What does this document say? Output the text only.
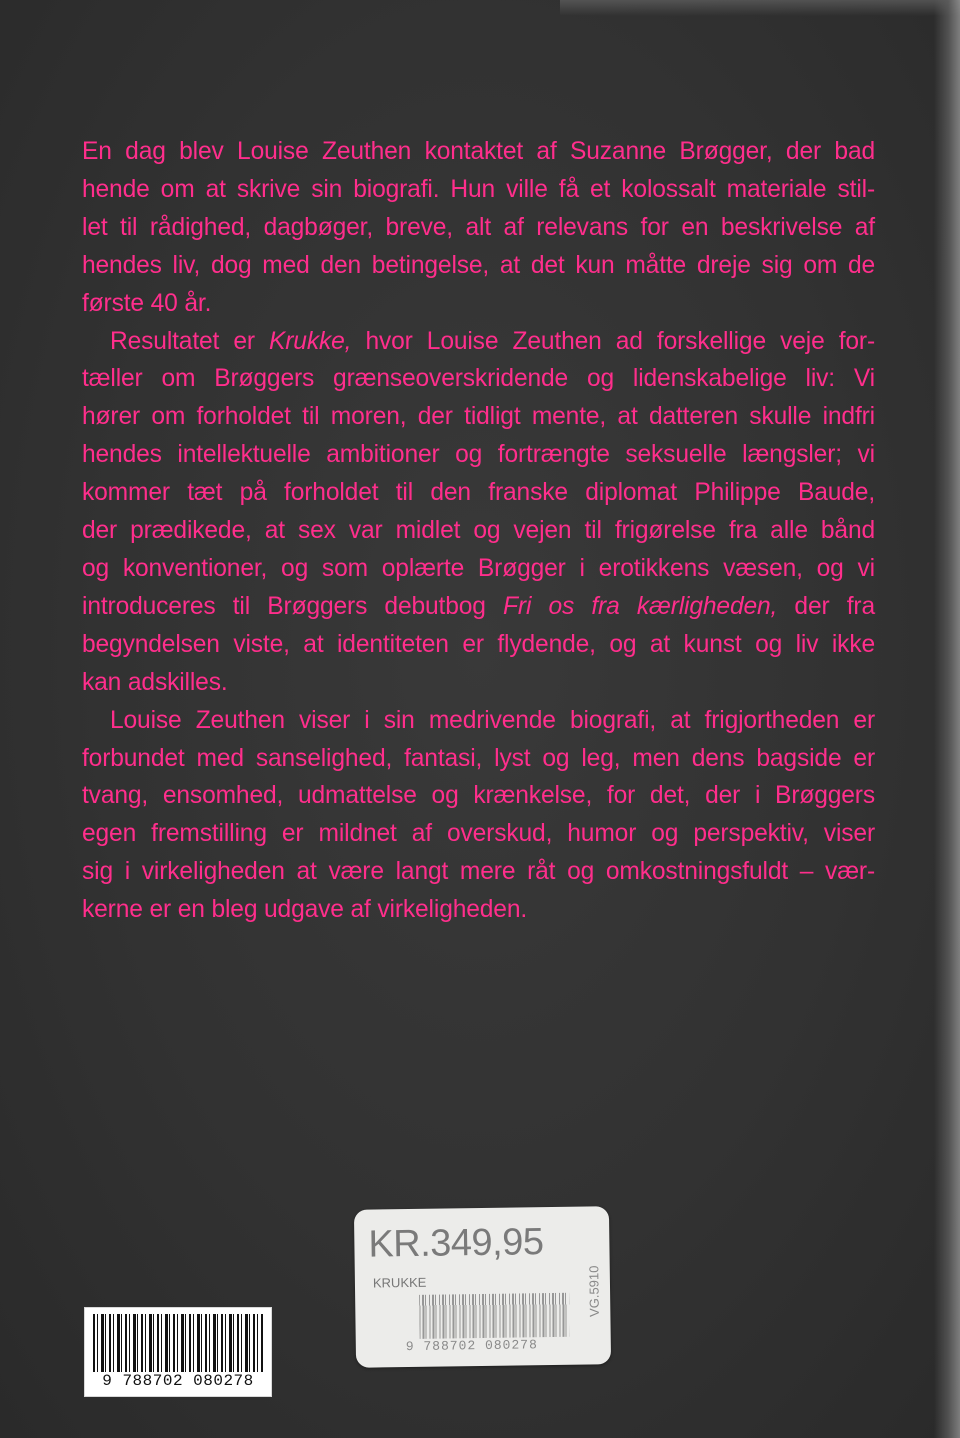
En dag blev Louise Zeuthen kontaktet af Suzanne Brøgger, der bad
hende om at skrive sin biografi. Hun ville få et kolossalt materiale stil-
let til rådighed, dagbøger, breve, alt af relevans for en beskrivelse af
hendes liv, dog med den betingelse, at det kun måtte dreje sig om de
første 40 år.

Resultatet er Krukke, hvor Louise Zeuthen ad forskellige veje for-
tæller om Brøggers grænseoverskridende og lidenskabelige liv: Vi
hører om forholdet til moren, der tidligt mente, at datteren skulle indfri
hendes intellektuelle ambitioner og fortrængte seksuelle længsler; vi
kommer tæt på forholdet til den franske diplomat Philippe Baude,
der prædikede, at sex var midlet og vejen til frigørelse fra alle bånd
og konventioner, og som oplærte Brøgger i erotikkens væsen, og vi
introduceres til Brøggers debutbog Fri os fra kærligheden, der fra
begyndelsen viste, at identiteten er flydende, og at kunst og liv ikke
kan adskilles.

Louise Zeuthen viser i sin medrivende biografi, at frigjortheden er
forbundet med sanselighed, fantasi, lyst og leg, men dens bagside er
tvang, ensomhed, udmattelse og krænkelse, for det, der i Brøggers
egen fremstilling er mildnet af overskud, humor og perspektiv, viser
sig i virkeligheden at være langt mere råt og omkostningsfuldt – vær-
kerne er en bleg udgave af virkeligheden.

9 788702 080278
KR.349,95
KRUKKE
9 788702 080278
VG.5910
